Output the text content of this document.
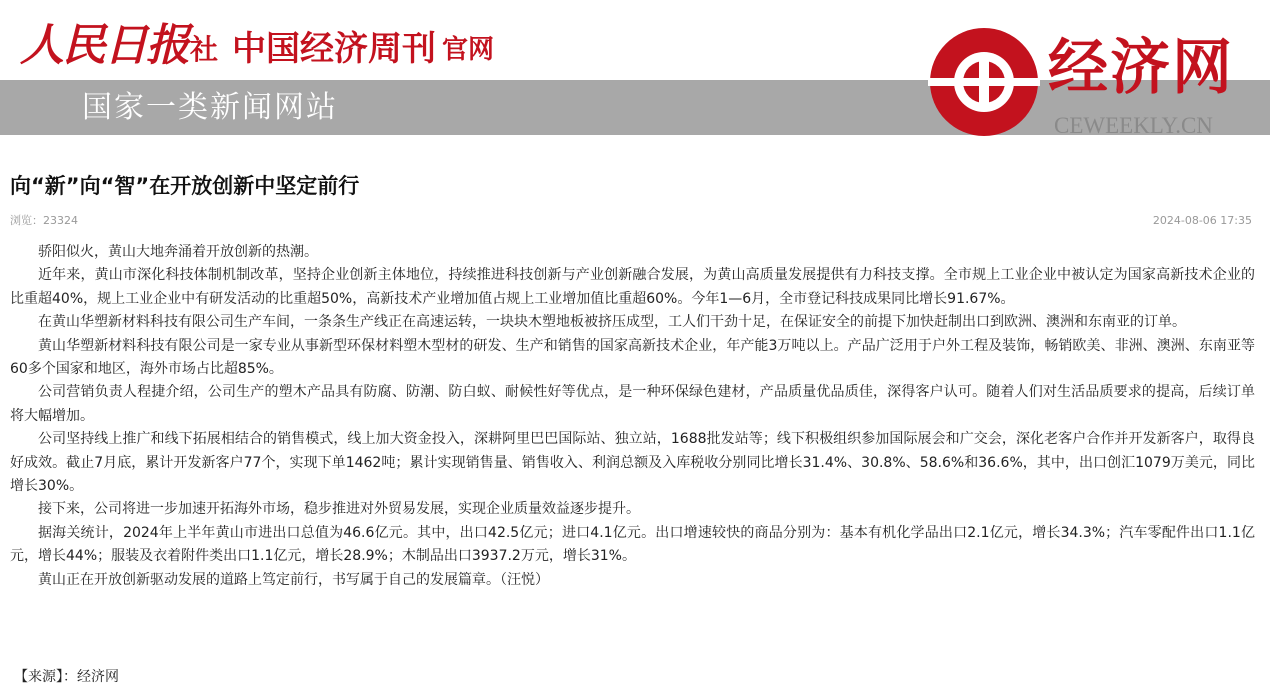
人民日报 社 中国经济周刊 官网
国家一类新闻网站
经济网
CEWEEKLY.CN
向“新”向“智”在开放创新中坚定前行
浏览：23324	2024-08-06 17:35

骄阳似火，黄山大地奔涌着开放创新的热潮。

近年来，黄山市深化科技体制机制改革，坚持企业创新主体地位，持续推进科技创新与产业创新融合发展，为黄山高质量发展提供有力科技支撑。全市规上工业企业中被认定为国家高新技术企业的比重超40%，规上工业企业中有研发活动的比重超50%，高新技术产业增加值占规上工业增加值比重超60%。今年1—6月，全市登记科技成果同比增长91.67%。

在黄山华塑新材料科技有限公司生产车间，一条条生产线正在高速运转，一块块木塑地板被挤压成型，工人们干劲十足，在保证安全的前提下加快赶制出口到欧洲、澳洲和东南亚的订单。

黄山华塑新材料科技有限公司是一家专业从事新型环保材料塑木型材的研发、生产和销售的国家高新技术企业，年产能3万吨以上。产品广泛用于户外工程及装饰，畅销欧美、非洲、澳洲、东南亚等60多个国家和地区，海外市场占比超85%。

公司营销负责人程捷介绍，公司生产的塑木产品具有防腐、防潮、防白蚁、耐候性好等优点，是一种环保绿色建材，产品质量优品质佳，深得客户认可。随着人们对生活品质要求的提高，后续订单将大幅增加。

公司坚持线上推广和线下拓展相结合的销售模式，线上加大资金投入，深耕阿里巴巴国际站、独立站，1688批发站等；线下积极组织参加国际展会和广交会，深化老客户合作并开发新客户，取得良好成效。截止7月底，累计开发新客户77个，实现下单1462吨；累计实现销售量、销售收入、利润总额及入库税收分别同比增长31.4%、30.8%、58.6%和36.6%，其中，出口创汇1079万美元，同比增长30%。

接下来，公司将进一步加速开拓海外市场，稳步推进对外贸易发展，实现企业质量效益逐步提升。

据海关统计，2024年上半年黄山市进出口总值为46.6亿元。其中，出口42.5亿元；进口4.1亿元。出口增速较快的商品分别为：基本有机化学品出口2.1亿元，增长34.3%；汽车零配件出口1.1亿元，增长44%；服装及衣着附件类出口1.1亿元，增长28.9%；木制品出口3937.2万元，增长31%。

黄山正在开放创新驱动发展的道路上笃定前行，书写属于自己的发展篇章。（汪悦）

【来源】：经济网
